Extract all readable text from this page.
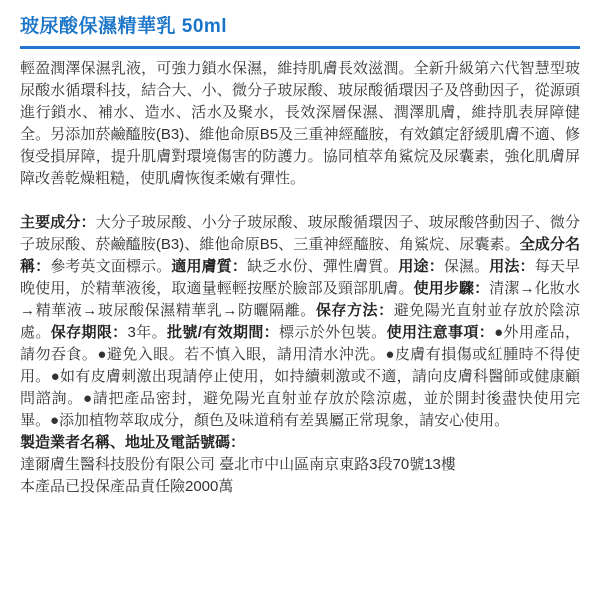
玻尿酸保濕精華乳 50ml

輕盈潤澤保濕乳液，可強力鎖水保濕，維持肌膚長效滋潤。全新升級第六代智慧型玻尿酸水循環科技，結合大、小、微分子玻尿酸、玻尿酸循環因子及啓動因子，從源頭進行鎖水、補水、造水、活水及聚水，長效深層保濕、潤澤肌膚，維持肌表屏障健全。另添加菸鹼醯胺(B3)、維他命原B5及三重神經醯胺，有效鎮定舒緩肌膚不適、修復受損屏障，提升肌膚對環境傷害的防護力。協同植萃角鯊烷及尿囊素，強化肌膚屏障改善乾燥粗糙，使肌膚恢復柔嫩有彈性。

主要成分：大分子玻尿酸、小分子玻尿酸、玻尿酸循環因子、玻尿酸啓動因子、微分子玻尿酸、菸鹼醯胺(B3)、維他命原B5、三重神經醯胺、角鯊烷、尿囊素。全成分名稱：參考英文面標示。適用膚質：缺乏水份、彈性膚質。用途：保濕。用法：每天早晚使用，於精華液後，取適量輕輕按壓於臉部及頸部肌膚。使用步驟：清潔→化妝水→精華液→玻尿酸保濕精華乳→防曬隔離。保存方法：避免陽光直射並存放於陰涼處。保存期限：3年。批號/有效期間：標示於外包裝。使用注意事項：●外用產品，請勿吞食。●避免入眼。若不慎入眼，請用清水沖洗。●皮膚有損傷或紅腫時不得使用。●如有皮膚刺激出現請停止使用，如持續刺激或不適，請向皮膚科醫師或健康顧問諮詢。●請把產品密封，避免陽光直射並存放於陰涼處，並於開封後盡快使用完畢。●添加植物萃取成分，顏色及味道稍有差異屬正常現象，請安心使用。

製造業者名稱、地址及電話號碼：
達爾膚生醫科技股份有限公司 臺北市中山區南京東路3段70號13樓
本產品已投保產品責任險2000萬
